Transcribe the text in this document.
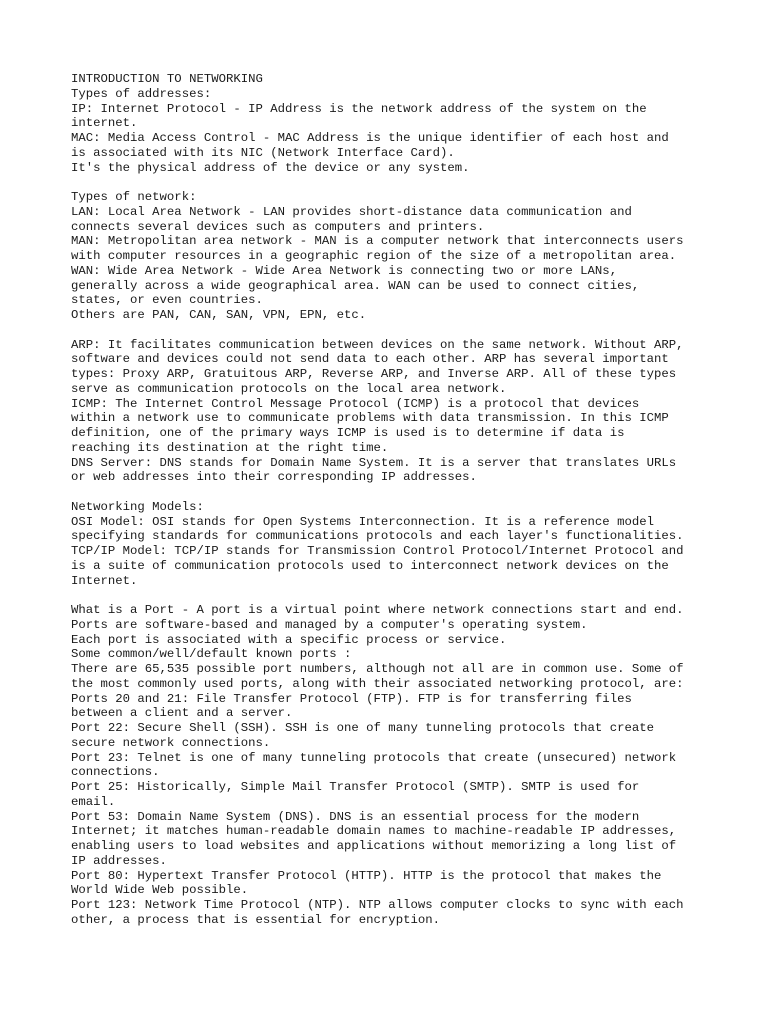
INTRODUCTION TO NETWORKING
Types of addresses:
IP: Internet Protocol - IP Address is the network address of the system on the
internet.
MAC: Media Access Control - MAC Address is the unique identifier of each host and
is associated with its NIC (Network Interface Card).
It's the physical address of the device or any system.
Types of network:
LAN: Local Area Network - LAN provides short-distance data communication and
connects several devices such as computers and printers.
MAN: Metropolitan area network - MAN is a computer network that interconnects users
with computer resources in a geographic region of the size of a metropolitan area.
WAN: Wide Area Network - Wide Area Network is connecting two or more LANs,
generally across a wide geographical area. WAN can be used to connect cities,
states, or even countries.
Others are PAN, CAN, SAN, VPN, EPN, etc.
ARP: It facilitates communication between devices on the same network. Without ARP,
software and devices could not send data to each other. ARP has several important
types: Proxy ARP, Gratuitous ARP, Reverse ARP, and Inverse ARP. All of these types
serve as communication protocols on the local area network.
ICMP: The Internet Control Message Protocol (ICMP) is a protocol that devices
within a network use to communicate problems with data transmission. In this ICMP
definition, one of the primary ways ICMP is used is to determine if data is
reaching its destination at the right time.
DNS Server: DNS stands for Domain Name System. It is a server that translates URLs
or web addresses into their corresponding IP addresses.
Networking Models:
OSI Model: OSI stands for Open Systems Interconnection. It is a reference model
specifying standards for communications protocols and each layer's functionalities.
TCP/IP Model: TCP/IP stands for Transmission Control Protocol/Internet Protocol and
is a suite of communication protocols used to interconnect network devices on the
Internet.
What is a Port - A port is a virtual point where network connections start and end.
Ports are software-based and managed by a computer's operating system.
Each port is associated with a specific process or service.
Some common/well/default known ports :
There are 65,535 possible port numbers, although not all are in common use. Some of
the most commonly used ports, along with their associated networking protocol, are:
Ports 20 and 21: File Transfer Protocol (FTP). FTP is for transferring files
between a client and a server.
Port 22: Secure Shell (SSH). SSH is one of many tunneling protocols that create
secure network connections.
Port 23: Telnet is one of many tunneling protocols that create (unsecured) network
connections.
Port 25: Historically, Simple Mail Transfer Protocol (SMTP). SMTP is used for
email.
Port 53: Domain Name System (DNS). DNS is an essential process for the modern
Internet; it matches human-readable domain names to machine-readable IP addresses,
enabling users to load websites and applications without memorizing a long list of
IP addresses.
Port 80: Hypertext Transfer Protocol (HTTP). HTTP is the protocol that makes the
World Wide Web possible.
Port 123: Network Time Protocol (NTP). NTP allows computer clocks to sync with each
other, a process that is essential for encryption.
